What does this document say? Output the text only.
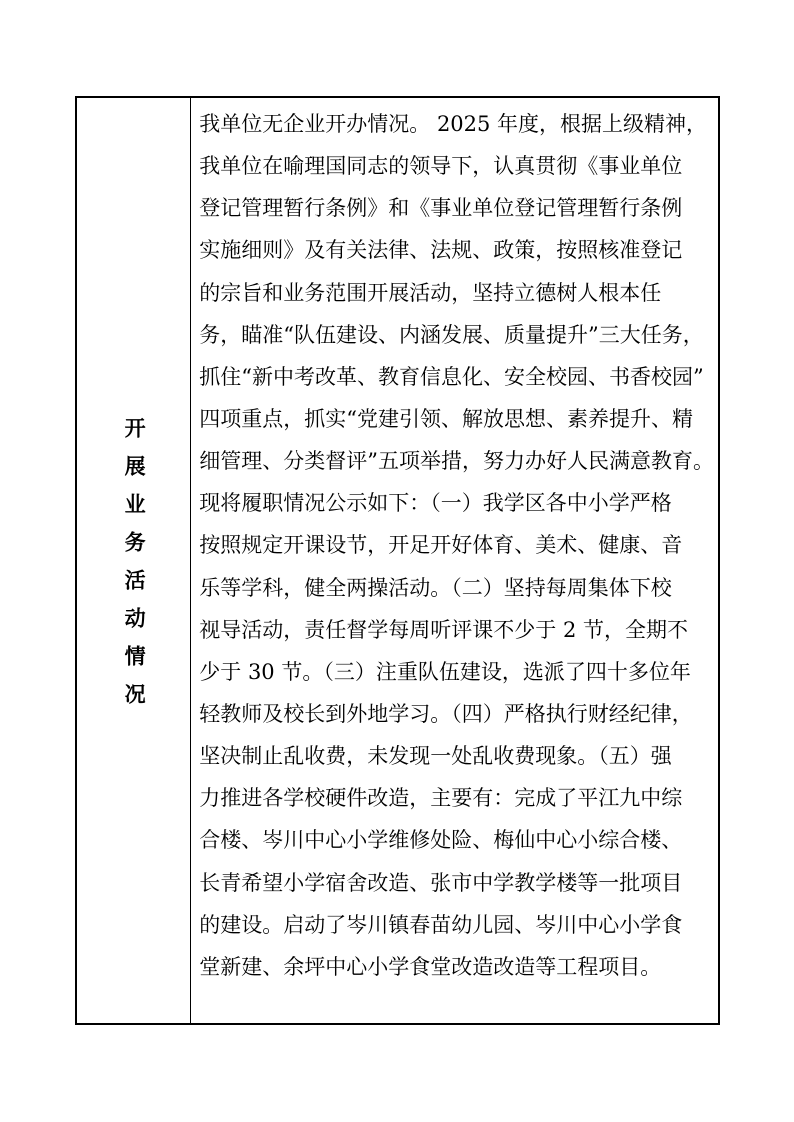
开展业务活动情况
我单位无企业开办情况。 2025 年度，根据上级精神，
我单位在喻理国同志的领导下，认真贯彻《事业单位
登记管理暂行条例》和《事业单位登记管理暂行条例
实施细则》及有关法律、法规、政策，按照核准登记
的宗旨和业务范围开展活动，坚持立德树人根本任
务，瞄准“队伍建设、内涵发展、质量提升”三大任务，
抓住“新中考改革、教育信息化、安全校园、书香校园”
四项重点，抓实“党建引领、解放思想、素养提升、精
细管理、分类督评”五项举措，努力办好人民满意教育。
现将履职情况公示如下：（一）我学区各中小学严格
按照规定开课设节，开足开好体育、美术、健康、音
乐等学科，健全两操活动。（二）坚持每周集体下校
视导活动，责任督学每周听评课不少于 2 节，全期不
少于 30 节。（三）注重队伍建设，选派了四十多位年
轻教师及校长到外地学习。（四）严格执行财经纪律，
坚决制止乱收费，未发现一处乱收费现象。（五）强
力推进各学校硬件改造，主要有：完成了平江九中综
合楼、岑川中心小学维修处险、梅仙中心小综合楼、
长青希望小学宿舍改造、张市中学教学楼等一批项目
的建设。启动了岑川镇春苗幼儿园、岑川中心小学食
堂新建、余坪中心小学食堂改造改造等工程项目。
